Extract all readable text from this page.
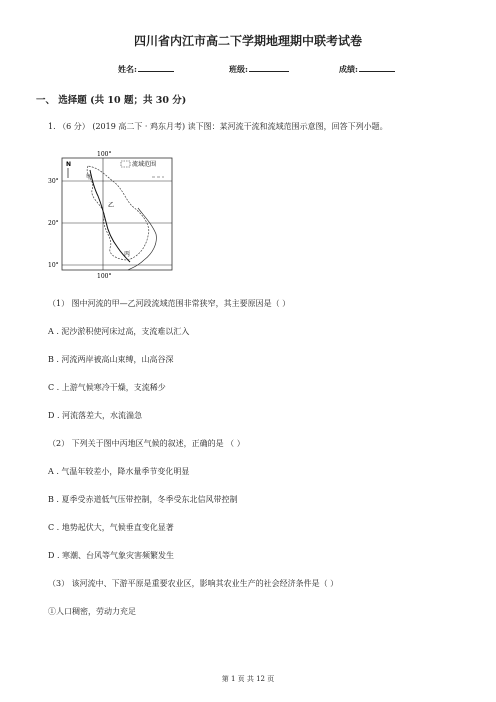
四川省内江市高二下学期地理期中联考试卷
姓名:	班级:	成绩:
一、 选择题 (共 10 题；共 30 分)
1. （6 分） (2019 高二下 · 鸡东月考) 读下图：某河流干流和流域范围示意图，回答下列小题。
100°
30°
20°
10°
100°
N	流域范围
甲
乙
丙
（1） 图中河流的甲—乙河段流域范围非常狭窄，其主要原因是（ ）
A . 泥沙淤积使河床过高，支流难以汇入
B . 河流两岸被高山束缚，山高谷深
C . 上游气候寒冷干燥，支流稀少
D . 河流落差大，水流湍急
（2） 下列关于图中丙地区气候的叙述，正确的是 （ ）
A . 气温年较差小，降水量季节变化明显
B . 夏季受赤道低气压带控制，冬季受东北信风带控制
C . 地势起伏大，气候垂直变化显著
D . 寒潮、台风等气象灾害频繁发生
（3） 该河流中、下游平原是重要农业区，影响其农业生产的社会经济条件是（ ）
①人口稠密，劳动力充足
第 1 页 共 12 页
